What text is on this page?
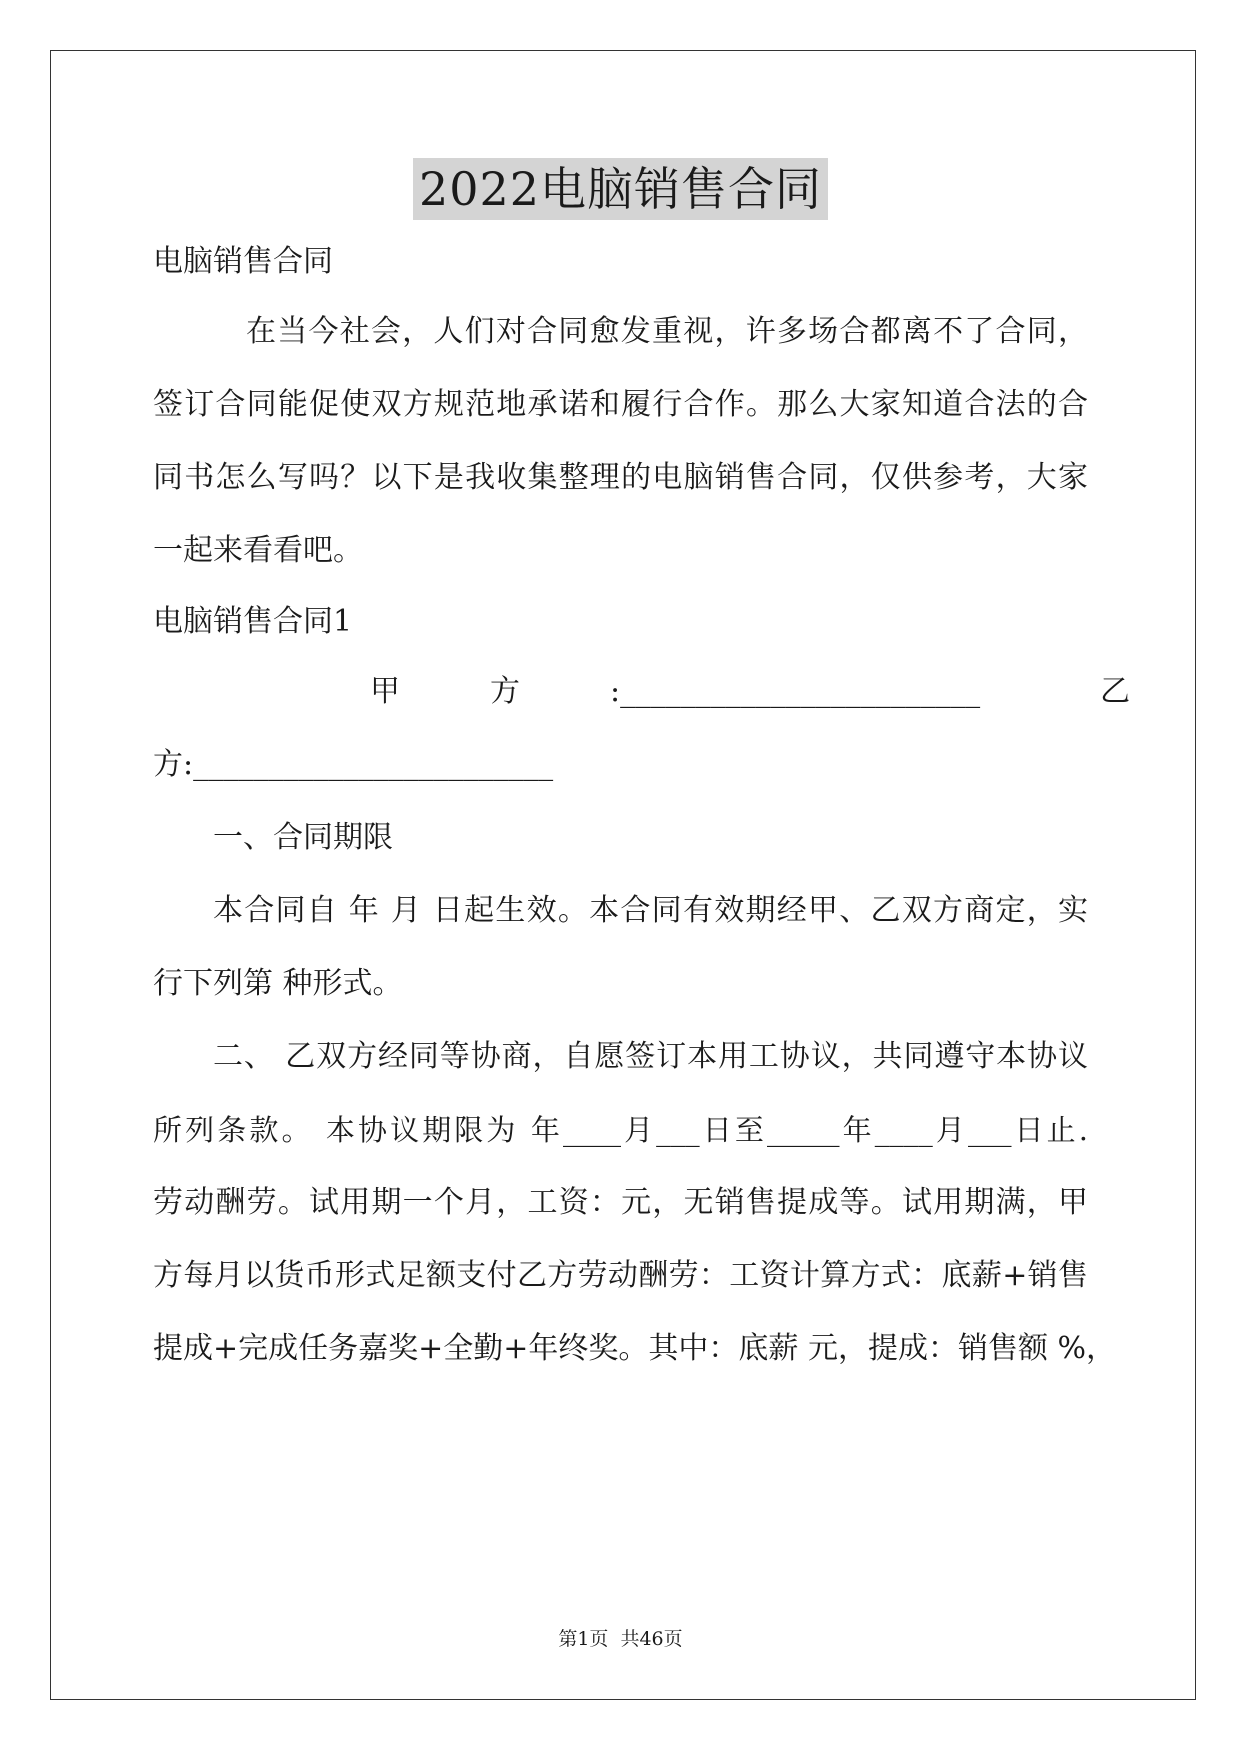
2022电脑销售合同
电脑销售合同
在当今社会，人们对合同愈发重视，许多场合都离不了合同，
签订合同能促使双方规范地承诺和履行合作。那么大家知道合法的合
同书怎么写吗？以下是我收集整理的电脑销售合同，仅供参考，大家
一起来看看吧。
电脑销售合同1
甲　　　方　　　:________________________　　　　乙
方:________________________
一、合同期限
本合同自 年 月 日起生效。本合同有效期经甲、乙双方商定，实
行下列第 种形式。
二、 乙双方经同等协商，自愿签订本用工协议，共同遵守本协议
所列条款。 本协议期限为 年____月___日至_____年____月___日止.
劳动酬劳。试用期一个月，工资：元，无销售提成等。试用期满，甲
方每月以货币形式足额支付乙方劳动酬劳：工资计算方式：底薪+销售
提成+完成任务嘉奖+全勤+年终奖。其中：底薪 元，提成：销售额 %，
第1页 共46页
